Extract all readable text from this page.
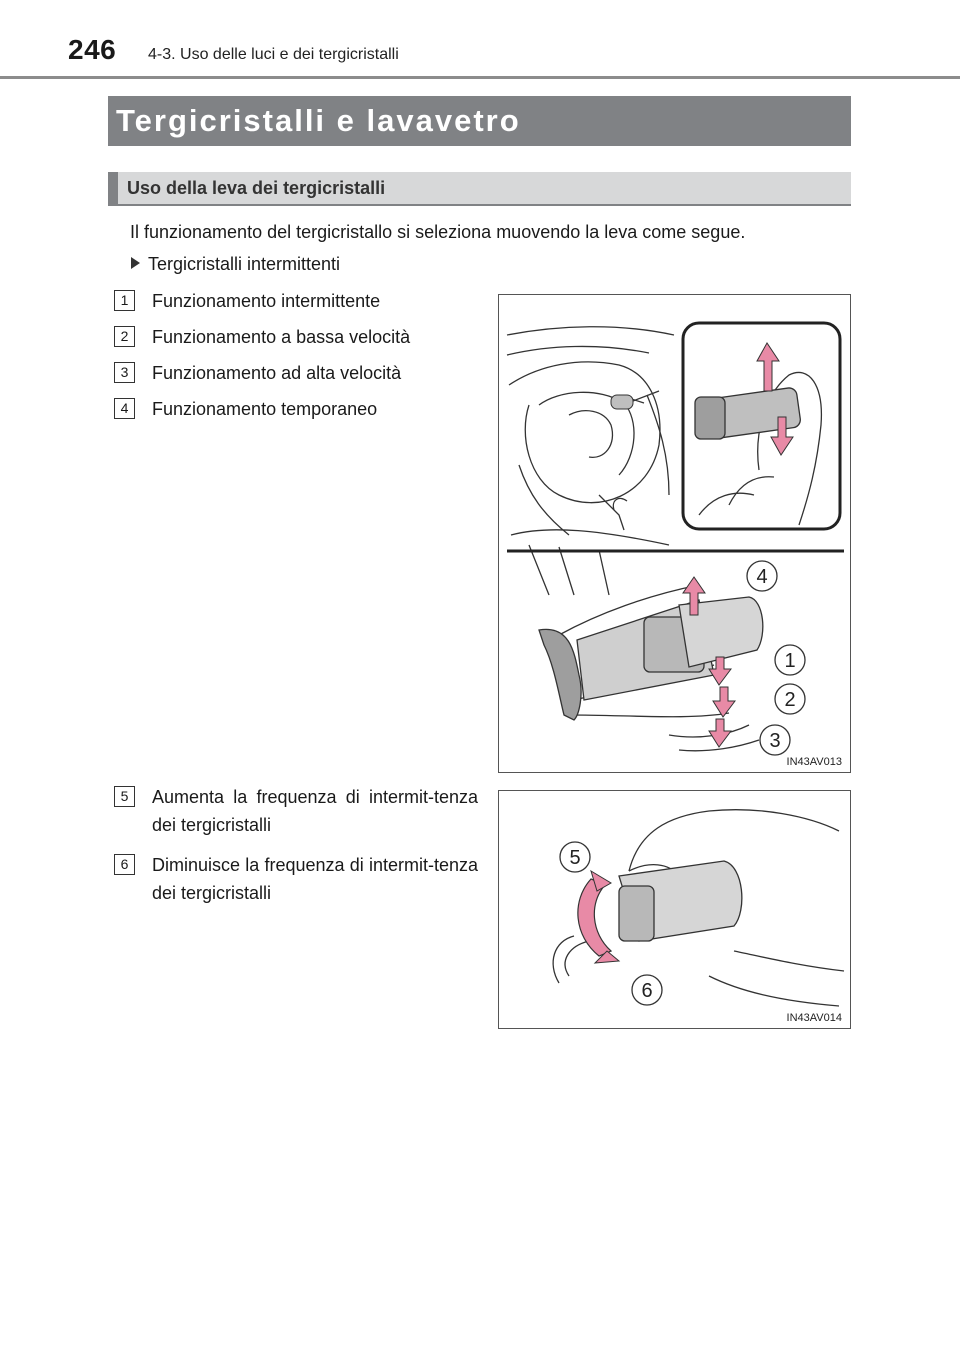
246 4-3. Uso delle luci e dei tergicristalli
Tergicristalli e lavavetro
Uso della leva dei tergicristalli
Il funzionamento del tergicristallo si seleziona muovendo la leva come segue.
Tergicristalli intermittenti
1	Funzionamento intermittente
2	Funzionamento a bassa velocità
3	Funzionamento ad alta velocità
4	Funzionamento temporaneo
5	Aumenta la frequenza di intermit-tenza dei tergicristalli
6	Diminuisce la frequenza di intermit-tenza dei tergicristalli
4
1
2
3
IN43AV013
5
6
IN43AV014
